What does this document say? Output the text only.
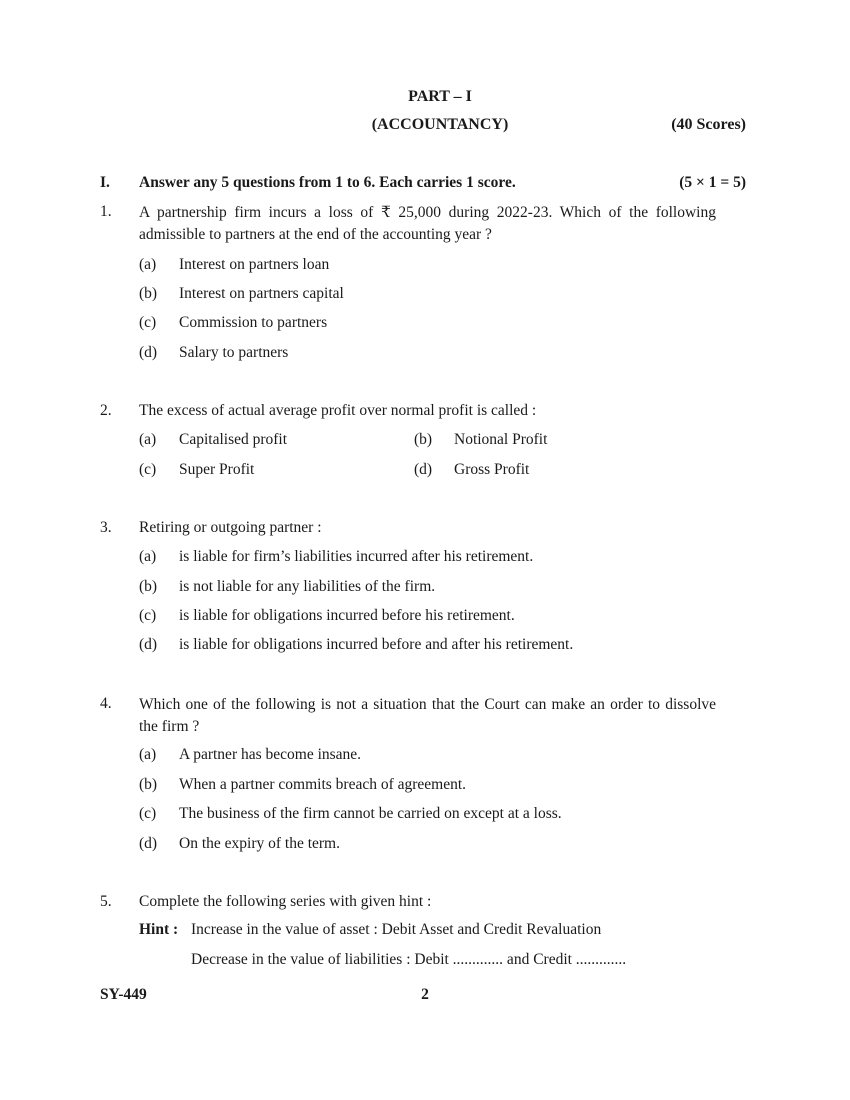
PART – I
(ACCOUNTANCY)	(40 Scores)
I. Answer any 5 questions from 1 to 6. Each carries 1 score.	(5 × 1 = 5)
1. A partnership firm incurs a loss of ₹ 25,000 during 2022-23. Which of the following admissible to partners at the end of the accounting year ?
(a) Interest on partners loan
(b) Interest on partners capital
(c) Commission to partners
(d) Salary to partners
2. The excess of actual average profit over normal profit is called :
(a) Capitalised profit	(b) Notional Profit
(c) Super Profit	(d) Gross Profit
3. Retiring or outgoing partner :
(a) is liable for firm’s liabilities incurred after his retirement.
(b) is not liable for any liabilities of the firm.
(c) is liable for obligations incurred before his retirement.
(d) is liable for obligations incurred before and after his retirement.
4. Which one of the following is not a situation that the Court can make an order to dissolve the firm ?
(a) A partner has become insane.
(b) When a partner commits breach of agreement.
(c) The business of the firm cannot be carried on except at a loss.
(d) On the expiry of the term.
5. Complete the following series with given hint :
Hint : Increase in the value of asset : Debit Asset and Credit Revaluation
Decrease in the value of liabilities : Debit ............. and Credit .............
SY-449	2
